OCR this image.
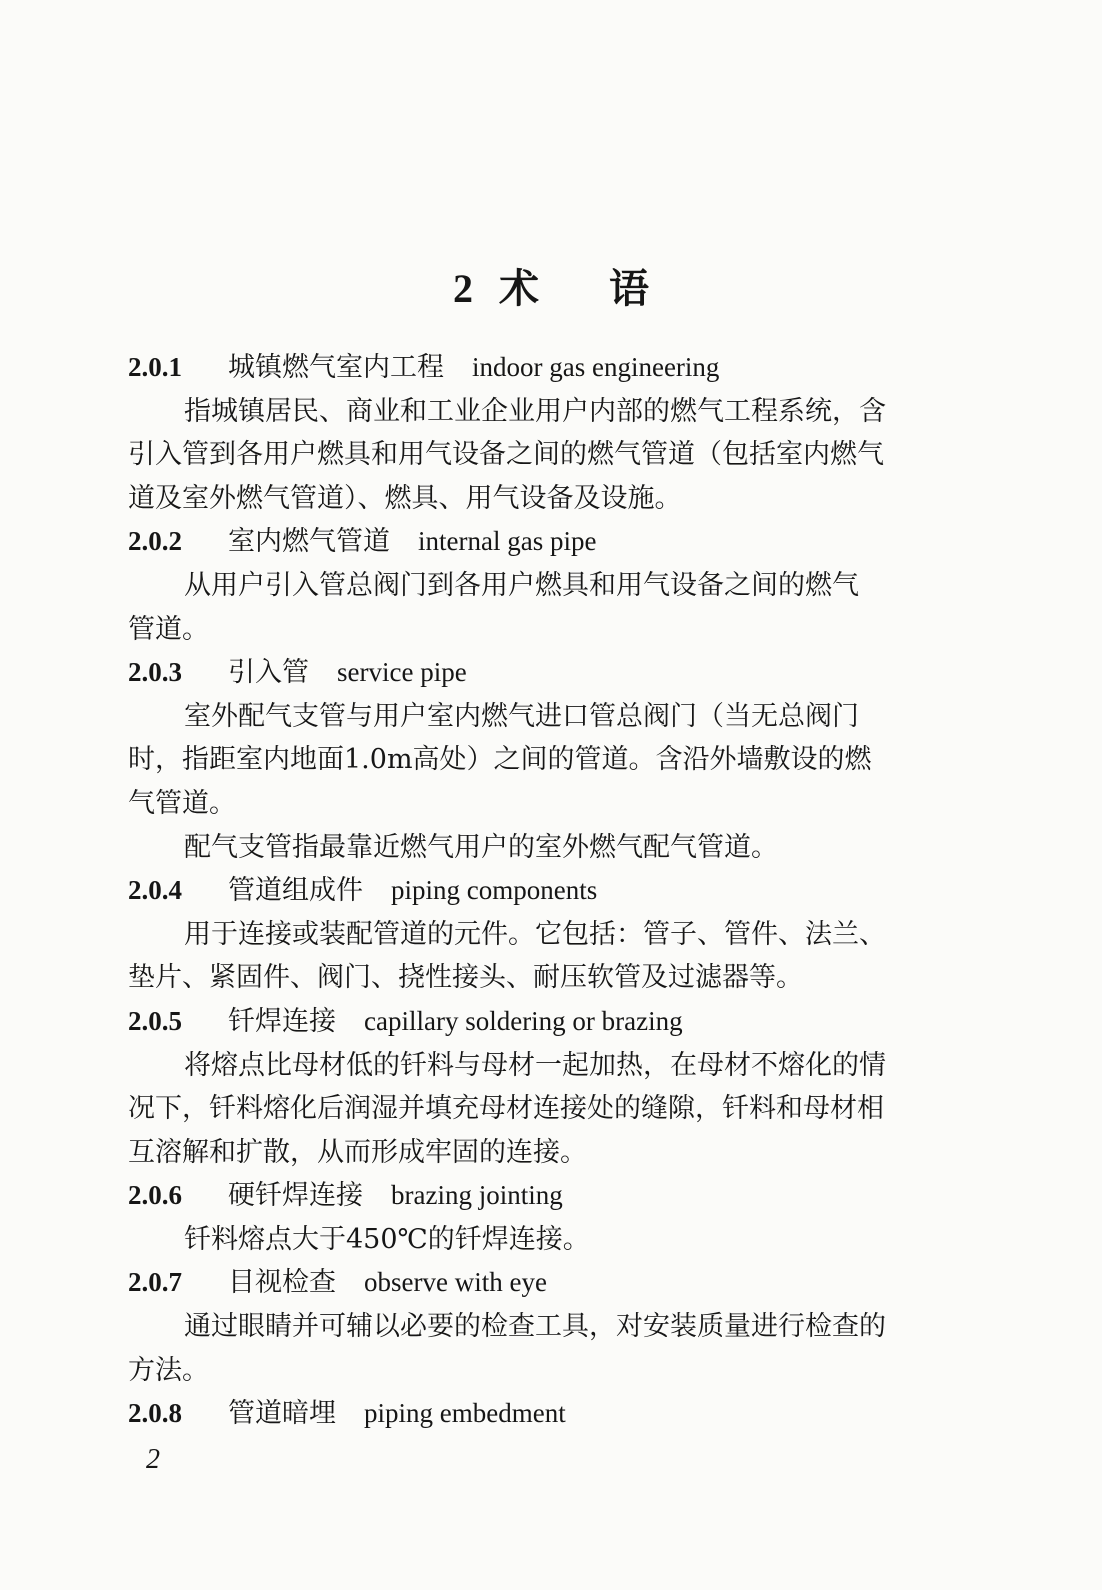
2 术 语
2.0.1 城镇燃气室内工程 indoor gas engineering
指城镇居民、商业和工业企业用户内部的燃气工程系统，含
引入管到各用户燃具和用气设备之间的燃气管道（包括室内燃气
道及室外燃气管道）、燃具、用气设备及设施。
2.0.2 室内燃气管道 internal gas pipe
从用户引入管总阀门到各用户燃具和用气设备之间的燃气
管道。
2.0.3 引入管 service pipe
室外配气支管与用户室内燃气进口管总阀门（当无总阀门
时，指距室内地面1.0m高处）之间的管道。含沿外墙敷设的燃
气管道。
配气支管指最靠近燃气用户的室外燃气配气管道。
2.0.4 管道组成件 piping components
用于连接或装配管道的元件。它包括：管子、管件、法兰、
垫片、紧固件、阀门、挠性接头、耐压软管及过滤器等。
2.0.5 钎焊连接 capillary soldering or brazing
将熔点比母材低的钎料与母材一起加热，在母材不熔化的情
况下，钎料熔化后润湿并填充母材连接处的缝隙，钎料和母材相
互溶解和扩散，从而形成牢固的连接。
2.0.6 硬钎焊连接 brazing jointing
钎料熔点大于450℃的钎焊连接。
2.0.7 目视检查 observe with eye
通过眼睛并可辅以必要的检查工具，对安装质量进行检查的
方法。
2.0.8 管道暗埋 piping embedment
2
